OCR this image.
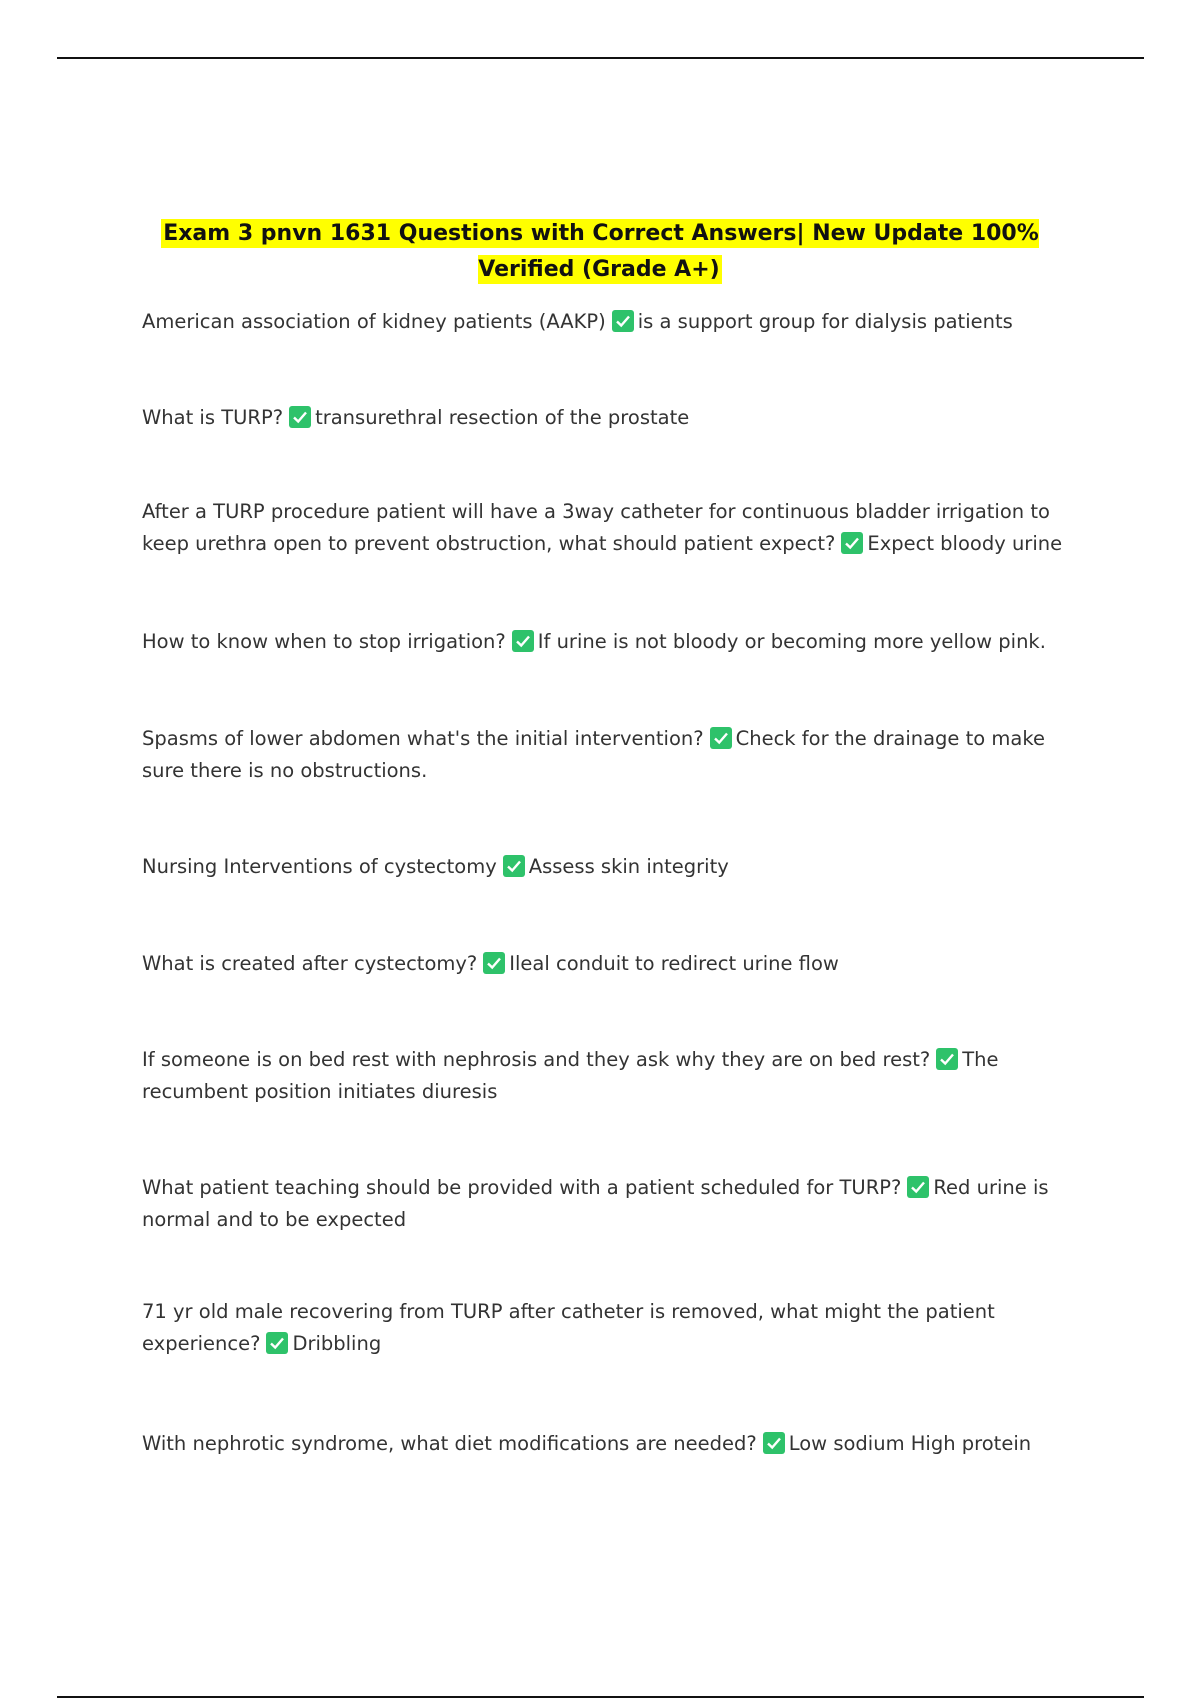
Exam 3 pnvn 1631 Questions with Correct Answers| New Update 100% Verified (Grade A+)
American association of kidney patients (AAKP) is a support group for dialysis patients
What is TURP? transurethral resection of the prostate
After a TURP procedure patient will have a 3way catheter for continuous bladder irrigation to keep urethra open to prevent obstruction, what should patient expect? Expect bloody urine
How to know when to stop irrigation? If urine is not bloody or becoming more yellow pink.
Spasms of lower abdomen what's the initial intervention? Check for the drainage to make sure there is no obstructions.
Nursing Interventions of cystectomy Assess skin integrity
What is created after cystectomy? Ileal conduit to redirect urine flow
If someone is on bed rest with nephrosis and they ask why they are on bed rest? The recumbent position initiates diuresis
What patient teaching should be provided with a patient scheduled for TURP? Red urine is normal and to be expected
71 yr old male recovering from TURP after catheter is removed, what might the patient experience? Dribbling
With nephrotic syndrome, what diet modifications are needed? Low sodium High protein
